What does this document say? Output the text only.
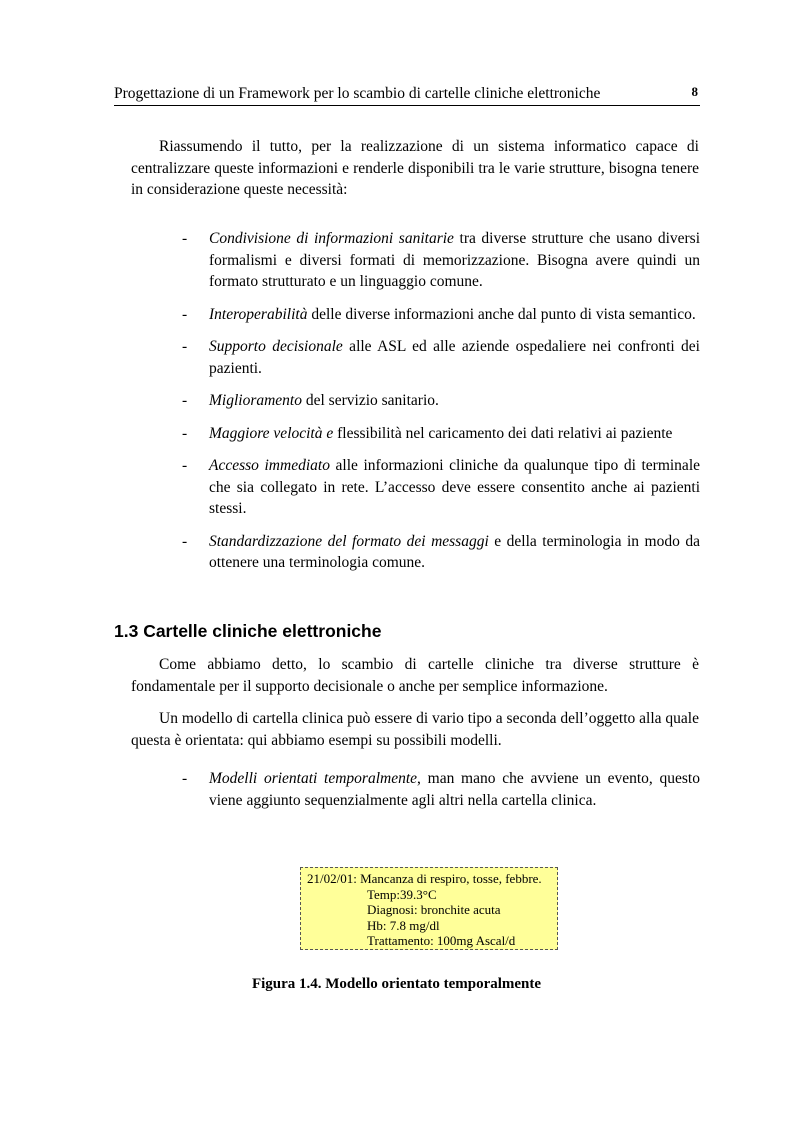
Progettazione di un Framework per lo scambio di cartelle cliniche elettroniche	8

Riassumendo il tutto, per la realizzazione di un sistema informatico capace di centralizzare queste informazioni e renderle disponibili tra le varie strutture, bisogna tenere in considerazione queste necessità:

- Condivisione di informazioni sanitarie tra diverse strutture che usano diversi formalismi e diversi formati di memorizzazione. Bisogna avere quindi un formato strutturato e un linguaggio comune.
- Interoperabilità delle diverse informazioni anche dal punto di vista semantico.
- Supporto decisionale alle ASL ed alle aziende ospedaliere nei confronti dei pazienti.
- Miglioramento del servizio sanitario.
- Maggiore velocità e flessibilità nel caricamento dei dati relativi ai paziente
- Accesso immediato alle informazioni cliniche da qualunque tipo di terminale che sia collegato in rete. L’accesso deve essere consentito anche ai pazienti stessi.
- Standardizzazione del formato dei messaggi e della terminologia in modo da ottenere una terminologia comune.
1.3 Cartelle cliniche elettroniche

Come abbiamo detto, lo scambio di cartelle cliniche tra diverse strutture è fondamentale per il supporto decisionale o anche per semplice informazione.

Un modello di cartella clinica può essere di vario tipo a seconda dell’oggetto alla quale questa è orientata: qui abbiamo esempi su possibili modelli.

- Modelli orientati temporalmente, man mano che avviene un evento, questo viene aggiunto sequenzialmente agli altri nella cartella clinica.
21/02/01: Mancanza di respiro, tosse, febbre.
Temp:39.3°C
Diagnosi: bronchite acuta
Hb: 7.8 mg/dl
Trattamento: 100mg Ascal/d
Figura 1.4. Modello orientato temporalmente
